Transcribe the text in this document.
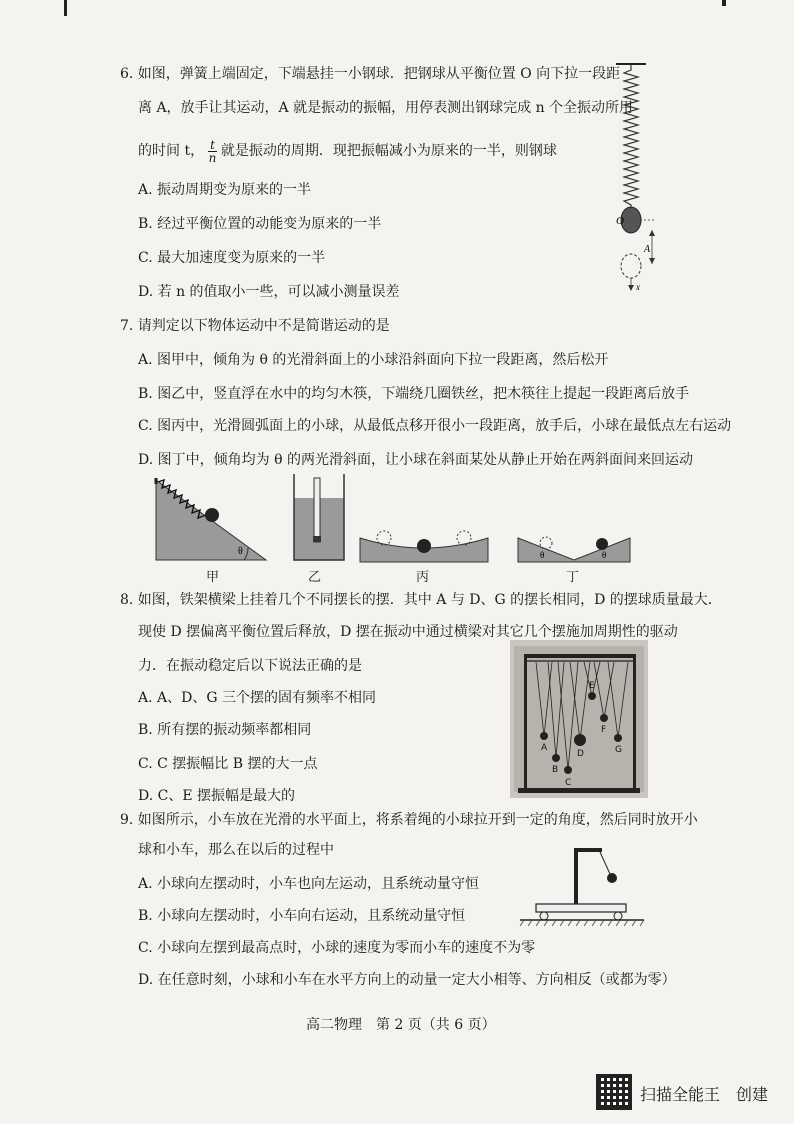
6. 如图，弹簧上端固定，下端悬挂一小钢球．把钢球从平衡位置 O 向下拉一段距
离 A，放手让其运动，A 就是振动的振幅，用停表测出钢球完成 n 个全振动所用
的时间 t， $\frac{t}{n}$ 就是振动的周期．现把振幅减小为原来的一半，则钢球
A. 振动周期变为原来的一半
B. 经过平衡位置的动能变为原来的一半
C. 最大加速度变为原来的一半
D. 若 n 的值取小一些，可以减小测量误差
O
A
x
7. 请判定以下物体运动中不是简谐运动的是
A. 图甲中，倾角为 θ 的光滑斜面上的小球沿斜面向下拉一段距离，然后松开
B. 图乙中，竖直浮在水中的均匀木筷，下端绕几圈铁丝，把木筷往上提起一段距离后放手
C. 图丙中，光滑圆弧面上的小球，从最低点移开很小一段距离，放手后，小球在最低点左右运动
D. 图丁中，倾角均为 θ 的两光滑斜面，让小球在斜面某处从静止开始在两斜面间来回运动
θ
甲	乙	丙
θ	θ
丁
8. 如图，铁架横梁上挂着几个不同摆长的摆．其中 A 与 D、G 的摆长相同，D 的摆球质量最大．
现使 D 摆偏离平衡位置后释放，D 摆在振动中通过横梁对其它几个摆施加周期性的驱动
力．在振动稳定后以下说法正确的是
A. A、D、G 三个摆的固有频率不相同
B. 所有摆的振动频率都相同
C. C 摆振幅比 B 摆的大一点
D. C、E 摆振幅是最大的
A
B
C
D
E
F
G
9. 如图所示，小车放在光滑的水平面上，将系着绳的小球拉开到一定的角度，然后同时放开小
球和小车，那么在以后的过程中
A. 小球向左摆动时，小车也向左运动，且系统动量守恒
B. 小球向左摆动时，小车向右运动，且系统动量守恒
C. 小球向左摆到最高点时，小球的速度为零而小车的速度不为零
D. 在任意时刻，小球和小车在水平方向上的动量一定大小相等、方向相反（或都为零）
高二物理　第 2 页（共 6 页）
扫描全能王　创建
